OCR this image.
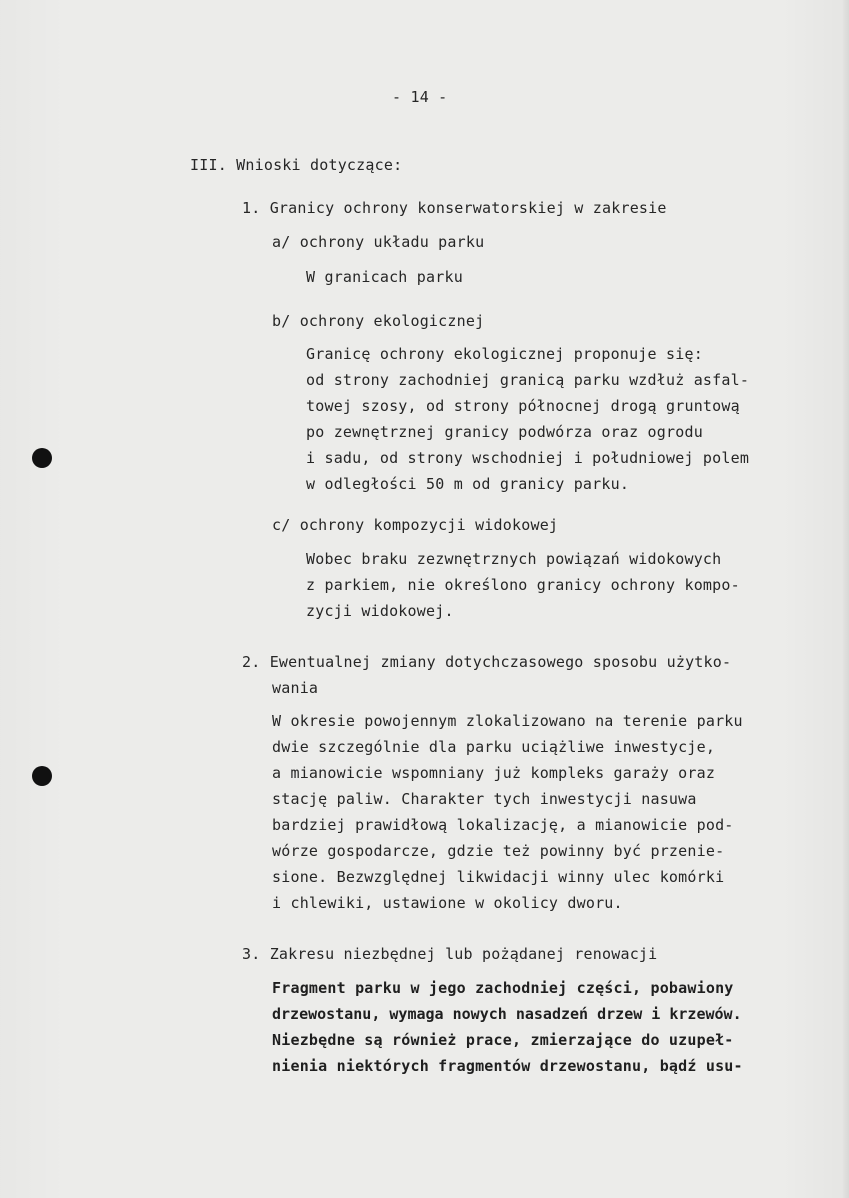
- 14 -
III. Wnioski dotyczące:
1. Granicy ochrony konserwatorskiej w zakresie
a/ ochrony układu parku
W granicach parku
b/ ochrony ekologicznej
Granicę ochrony ekologicznej proponuje się:
od strony zachodniej granicą parku wzdłuż asfal-
towej szosy, od strony północnej drogą gruntową
po zewnętrznej granicy podwórza oraz ogrodu
i sadu, od strony wschodniej i południowej polem
w odległości 50 m od granicy parku.
c/ ochrony kompozycji widokowej
Wobec braku zezwnętrznych powiązań widokowych
z parkiem, nie określono granicy ochrony kompo-
zycji widokowej.
2. Ewentualnej zmiany dotychczasowego sposobu użytko-
wania
W okresie powojennym zlokalizowano na terenie parku
dwie szczególnie dla parku uciążliwe inwestycje,
a mianowicie wspomniany już kompleks garaży oraz
stację paliw. Charakter tych inwestycji nasuwa
bardziej prawidłową lokalizację, a mianowicie pod-
wórze gospodarcze, gdzie też powinny być przenie-
sione. Bezwzględnej likwidacji winny ulec komórki
i chlewiki, ustawione w okolicy dworu.
3. Zakresu niezbędnej lub pożądanej renowacji
Fragment parku w jego zachodniej części, pobawiony
drzewostanu, wymaga nowych nasadzeń drzew i krzewów.
Niezbędne są również prace, zmierzające do uzupeł-
nienia niektórych fragmentów drzewostanu, bądź usu-
